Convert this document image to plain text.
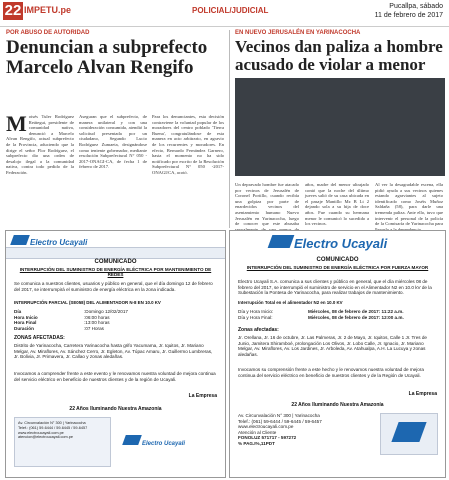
22 IMPETU.pe	POLICIAL/JUDICIAL	Pucallpa, sábado
11 de febrero de 2017
POR ABUSO DE AUTORIDAD
Denuncian a subprefecto
Marcelo Alvan Rengifo
M oisés Tuler Rodríguez Reátegui, presidente de comunidad nativa, denunció a Marcelo Alvan Rengifo, actual subprefecto de la Provincia, aduciendo que la dirige el señor Flor Rodríguez, el subprefecto dio una orden de desalojo ilegal a la comunidad nativa, contra todo pedido de la Federación.
Aseguran que el subprefecto, de manera unilateral y con una consideración consumida, atendió la solicitud presentada por un ciudadano, Segundo Lucio Rodríguez Zumaeta, designándose como teniente gobernador, mediante resolución Subprefectural N° 050 - 2017-ONAGI-CA, de fecha 1 de febrero de 2017.
Para los denunciantes, esta decisión contraviene la voluntad popular de los moradores del centro poblado 'Tierra Buena', congratulándose de esta manera en acto arbitrario, en agravio de los recurrentes y moradores. En efecto, Bernardo Fernández Garnero, hasta el momento no ha sido notificado por escrito de la Resolución Subprefectural N° 050 -2017-ONAGI/CA, acotó.
EN NUEVO JERUSALÉN EN YARINACOCHA
Vecinos dan paliza a hombre
acusado de violar a menor
Un depravado hombre fue atacado por vecinos de Jerusalén de Coronel Portillo, cuando recibía una golpiza por parte de enardecidos vecinos del asentamiento humano Nuevo Jerusalén en Yarinacocha, luego de conocer que este abusaba
años, madre del menor ultrajado contó que la noche del último jueves salió de su casa ubicada en el pasaje Mantillo Mz B Lt 2 dejando sola a su hija de doce años. Fue cuando su hermana menor le comunicó lo sucedido a los vecinos.
Al ver la desagradable escena, ella pidió ayuda a sus vecinos quienes estando agraviantes al sujeto identificado como Joséis Muñoz Saldaña (58), para darle una tremenda paliza. Ante ello, tuvo que intervenir el personal de la policía de la Comisaría de Yarinacocha para
Electro Ucayali
COMUNICADO
INTERRUPCIÓN DEL SUMINISTRO DE ENERGÍA ELÉCTRICA POR MANTENIMIENTO DE REDES
Se comunica a nuestros clientes, usuarios y público en general, que el día domingo 12 de febrero del 2017, se interrumpirá el suministro de energía eléctrica en la zona indicada.
INTERRUPCIÓN PARCIAL (SE058) DEL ALIMENTADOR N-8 EN 10.0 KV
Día	:Domingo 12/02/2017
Hora Inicio	:06:00 horas
Hora Final	:13:00 horas
Duración	:07 Horas
ZONAS AFECTADAS:
Distrito de Yarinacocha, Carretera Yarinacocha hasta grifo Yacumama, Jr. Iquitos, Jr. Mariano Melgar, Av. Miraflores, Av. Sánchez Cerro, Jr. Egleton, Av. Túpac Amaru, Jr. Guillermo Lumbreras, Jr. Bolivia, Jr. Primavera, Jr. Callao y zonas aledañas.
Invocamos a comprender frente a este evento y le renovamos nuestra voluntad de mejora continua del servicio eléctrico en beneficio de nuestros clientes y de la región de Ucayali.
La Empresa
22 Años Iluminando Nuestra Amazonía
Av. Circunvalación N° 300 | Yarinacocha
Telef.: (061) 59-6444 / 59-6445 / 59-6457
www.electroucayali.com.pe
atencion@electroucayali.com.pe
Electro Ucayali
Electro Ucayali
COMUNICADO
INTERRUPCIÓN DEL SUMINISTRO DE ENERGÍA ELÉCTRICA POR FUERZA MAYOR
Electro Ucayali S.A. comunica a sus clientes y público en general, que el día miércoles 08 de febrero del 2017, se interrumpió el suministro de servicio en el Alimentador N2 en 10.0 kV de la Subestación la Pontesa de Yarinacocha, para realizar trabajos de mantenimiento.
Interrupción Total en el alimentador N2 en 10.0 KV
Día y Hora Inicio:	Miércoles, 08 de febrero de 2017: 11:22 a.m.
Día y Hora Final:	Miércoles, 08 de febrero de 2017: 12:00 a.m.
Zonas afectadas:
Jr. Orellana, Jr. 16 de octubre, Jr. Las Palmeras, Jr. 2 de Mayo, Jr. Iquitos, Calle 1 Jr. Tres de Junio, Jamitera Shiramboé, prolongación Los Olivos, Jr. Lobo Calle, Jr. Ignacio, Jr. Mariano Melgar, Av. Miraflores, Av. Los Jardines, Jr. Arboleda, Av. Atahualpa, A.H. La Lucuya y zonas aledañas.
Invocamos su comprensión frente a este hecho y le renovamos nuestra voluntad de mejora continua del servicio eléctrico en beneficio de nuestros clientes y de la Región de Ucayali.
La Empresa
22 Años Iluminando Nuestra Amazonía
Av. Circunvalación N° 300 | Yarinacocha
Telef.: (061) 59-6444 / 59-6445 / 59-6457
www.electroucayali.com.pe
Atención al Cliente
FONOLUZ 571717 - 597272
% PAG.I%,11PDT
